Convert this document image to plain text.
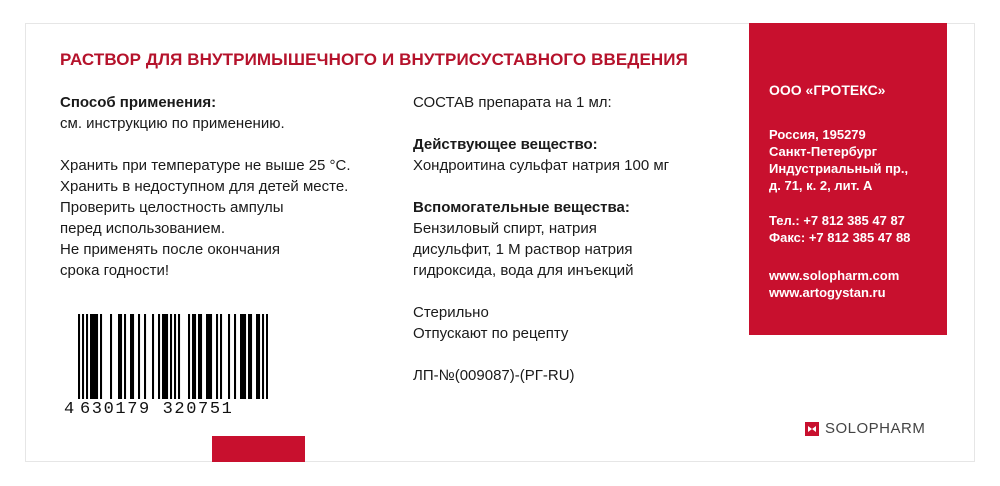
РАСТВОР ДЛЯ ВНУТРИМЫШЕЧНОГО И ВНУТРИСУСТАВНОГО ВВЕДЕНИЯ

Способ применения:

см. инструкцию по применению.

Хранить при температуре не выше 25 °С.

Хранить в недоступном для детей месте.

Проверить целостность ампулы

перед использованием.

Не применять после окончания

срока годности!

СОСТАВ препарата на 1 мл:

Действующее вещество:

Хондроитина сульфат натрия 100 мг

Вспомогательные вещества:

Бензиловый спирт, натрия

дисульфит, 1 М раствор натрия

гидроксида, вода для инъекций

Стерильно

Отпускают по рецепту

ЛП-№(009087)-(РГ-RU)

ООО «ГРОТЕКС»

Россия, 195279

Санкт-Петербург

Индустриальный пр.,

д. 71, к. 2, лит. А

Тел.: +7 812 385 47 87

Факс: +7 812 385 47 88

www.solopharm.com

www.artogystan.ru

4 630179 320751
SOLOPHARM
